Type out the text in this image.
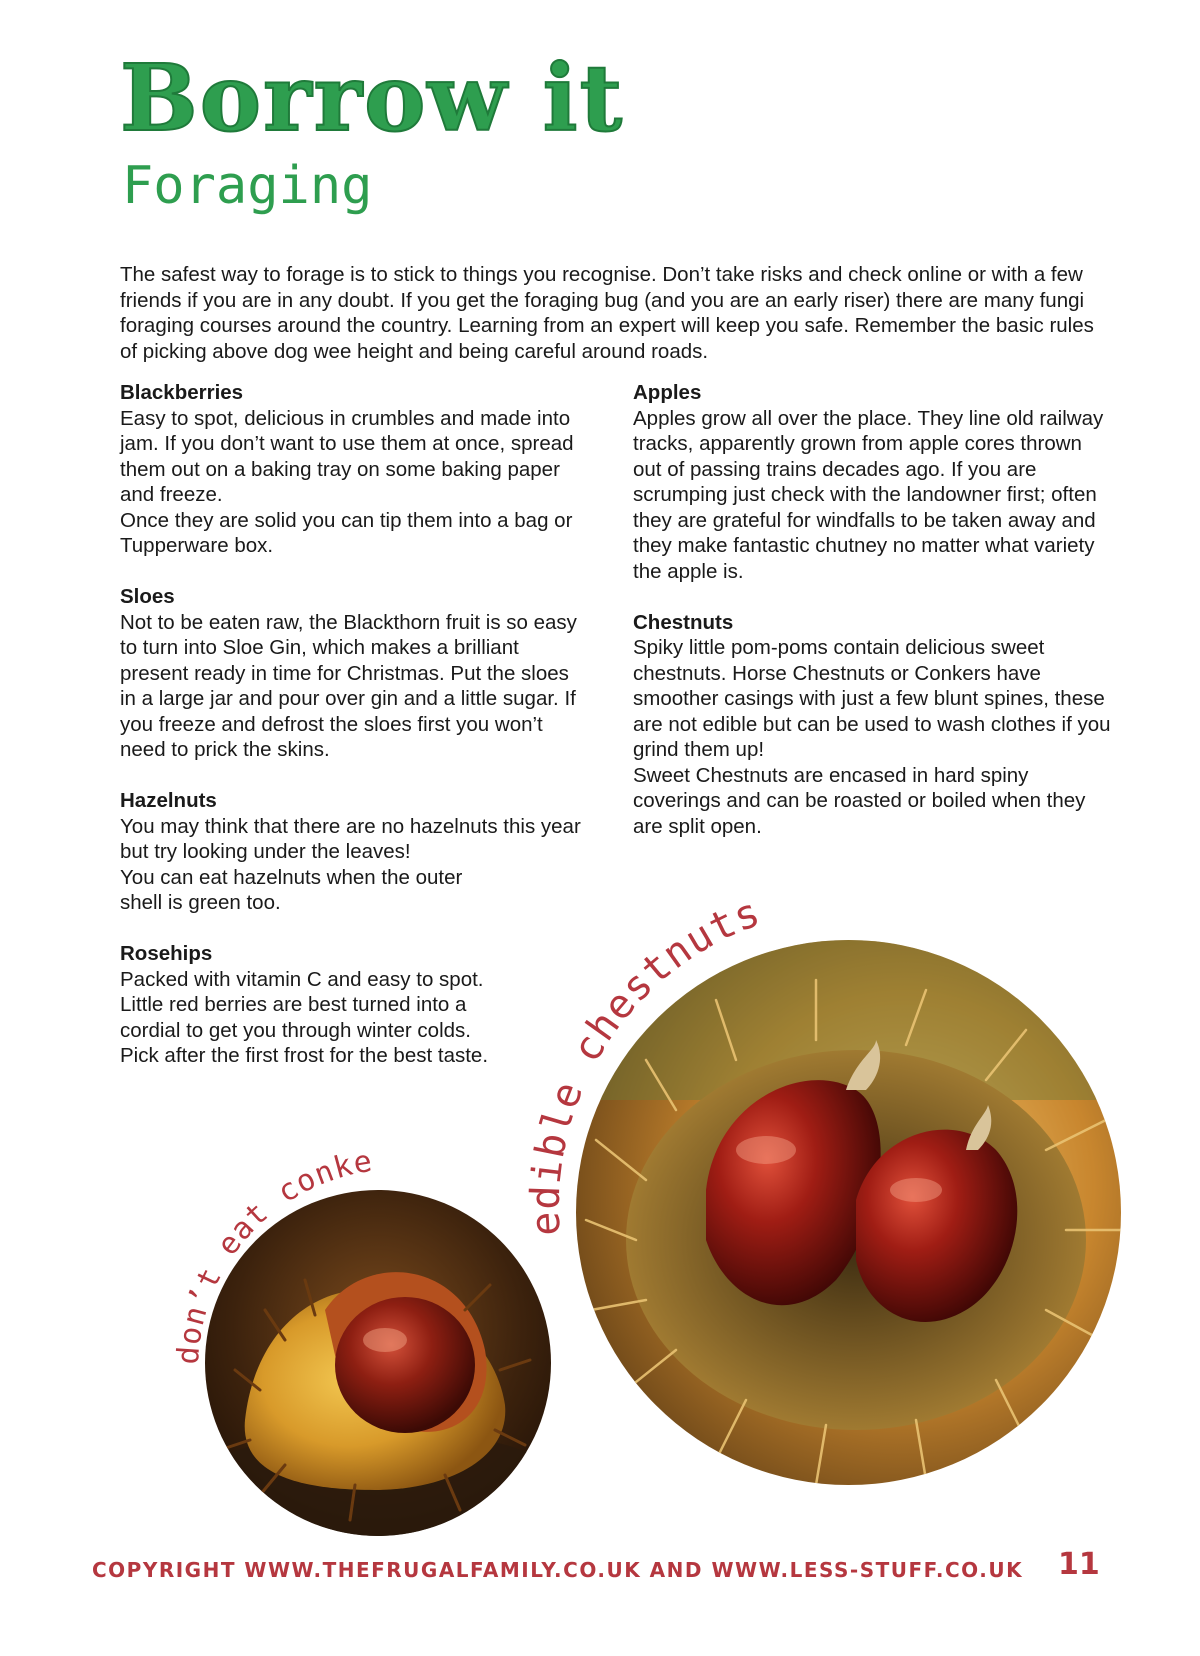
Borrow it
Foraging

The safest way to forage is to stick to things you recognise. Don’t take risks and check online or with a few friends if you are in any doubt. If you get the foraging bug (and you are an early riser) there are many fungi foraging courses around the country. Learning from an expert will keep you safe. Remember the basic rules of picking above dog wee height and being careful around roads.

Blackberries

Easy to spot, delicious in crumbles and made into jam. If you don’t want to use them at once, spread them out on a baking tray on some baking paper and freeze.

Once they are solid you can tip them into a bag or Tupperware box.

Sloes

Not to be eaten raw, the Blackthorn fruit is so easy to turn into Sloe Gin, which makes a brilliant present ready in time for Christmas. Put the sloes in a large jar and pour over gin and a little sugar. If you freeze and defrost the sloes first you won’t need to prick the skins.

Hazelnuts

You may think that there are no hazelnuts this year but try looking under the leaves!

You can eat hazelnuts when the outer shell is green too.

Rosehips

Packed with vitamin C and easy to spot. Little red berries are best turned into a cordial to get you through winter colds. Pick after the first frost for the best taste.

Apples

Apples grow all over the place. They line old railway tracks, apparently grown from apple cores thrown out of passing trains decades ago. If you are scrumping just check with the landowner first; often they are grateful for windfalls to be taken away and they make fantastic chutney no matter what variety the apple is.

Chestnuts

Spiky little pom-poms contain delicious sweet chestnuts. Horse Chestnuts or Conkers have smoother casings with just a few blunt spines, these are not edible but can be used to wash clothes if you grind them up!

Sweet Chestnuts are encased in hard spiny coverings and can be roasted or boiled when they are split open.

don’t eat conkers!
edible chestnuts

COPYRIGHT WWW.THEFRUGALFAMILY.CO.UK AND WWW.LESS-STUFF.CO.UK 11
